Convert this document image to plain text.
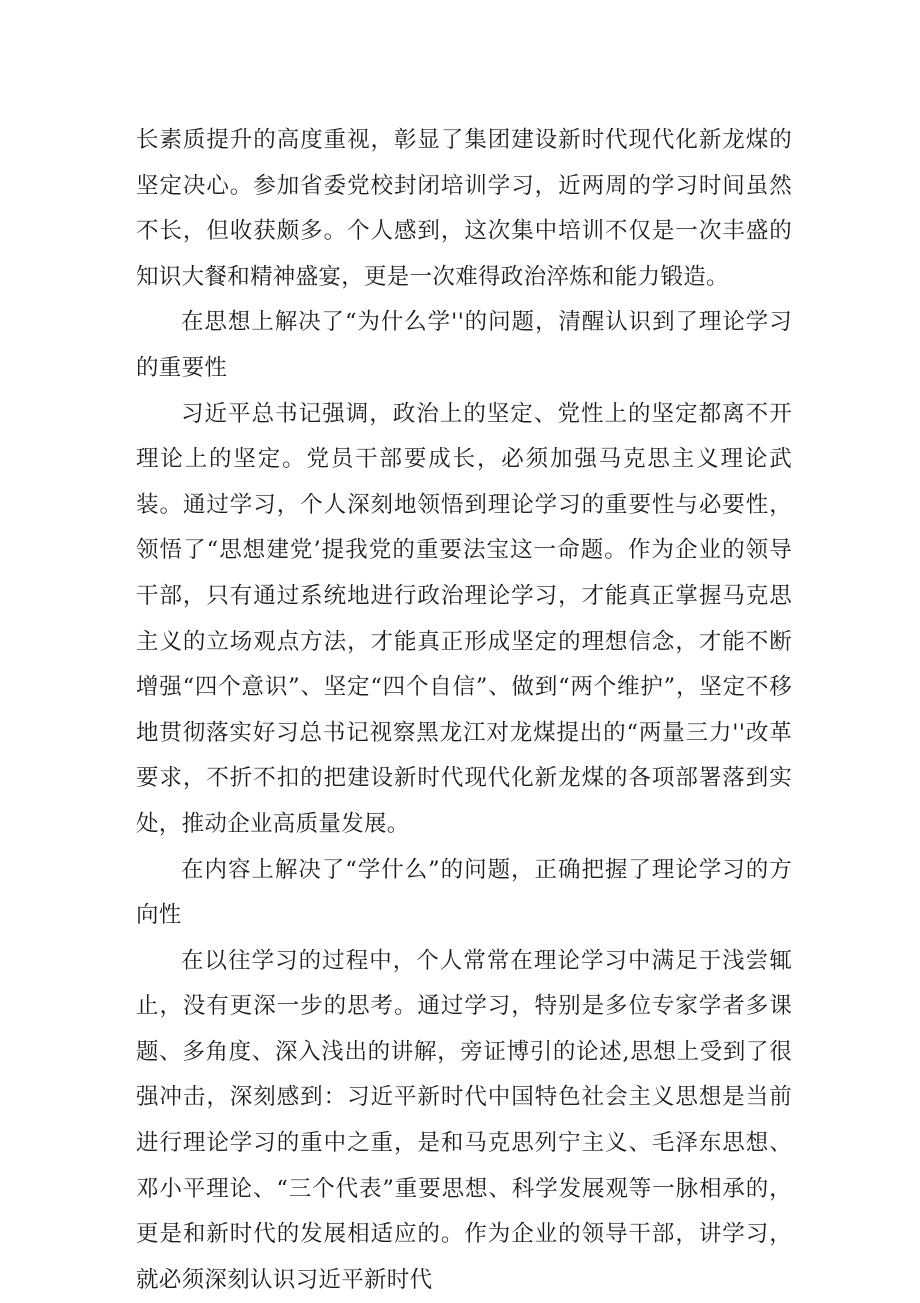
长素质提升的高度重视，彰显了集团建设新时代现代化新龙煤的坚定决心。参加省委党校封闭培训学习，近两周的学习时间虽然不长，但收获颇多。个人感到，这次集中培训不仅是一次丰盛的知识大餐和精神盛宴，更是一次难得政治淬炼和能力锻造。

在思想上解决了“为什么学''的问题，清醒认识到了理论学习的重要性

习近平总书记强调，政治上的坚定、党性上的坚定都离不开理论上的坚定。党员干部要成长，必须加强马克思主义理论武装。通过学习，个人深刻地领悟到理论学习的重要性与必要性，领悟了“思想建党’提我党的重要法宝这一命题。作为企业的领导干部，只有通过系统地进行政治理论学习，才能真正掌握马克思主义的立场观点方法，才能真正形成坚定的理想信念，才能不断增强“四个意识”、坚定“四个自信”、做到“两个维护”，坚定不移地贯彻落实好习总书记视察黑龙江对龙煤提出的“两量三力''改革要求，不折不扣的把建设新时代现代化新龙煤的各项部署落到实处，推动企业高质量发展。

在内容上解决了“学什么”的问题，正确把握了理论学习的方向性

在以往学习的过程中，个人常常在理论学习中满足于浅尝辄止，没有更深一步的思考。通过学习，特别是多位专家学者多课题、多角度、深入浅出的讲解，旁证博引的论述,思想上受到了很强冲击，深刻感到：习近平新时代中国特色社会主义思想是当前进行理论学习的重中之重，是和马克思列宁主义、毛泽东思想、邓小平理论、“三个代表”重要思想、科学发展观等一脉相承的，更是和新时代的发展相适应的。作为企业的领导干部，讲学习，就必须深刻认识习近平新时代
